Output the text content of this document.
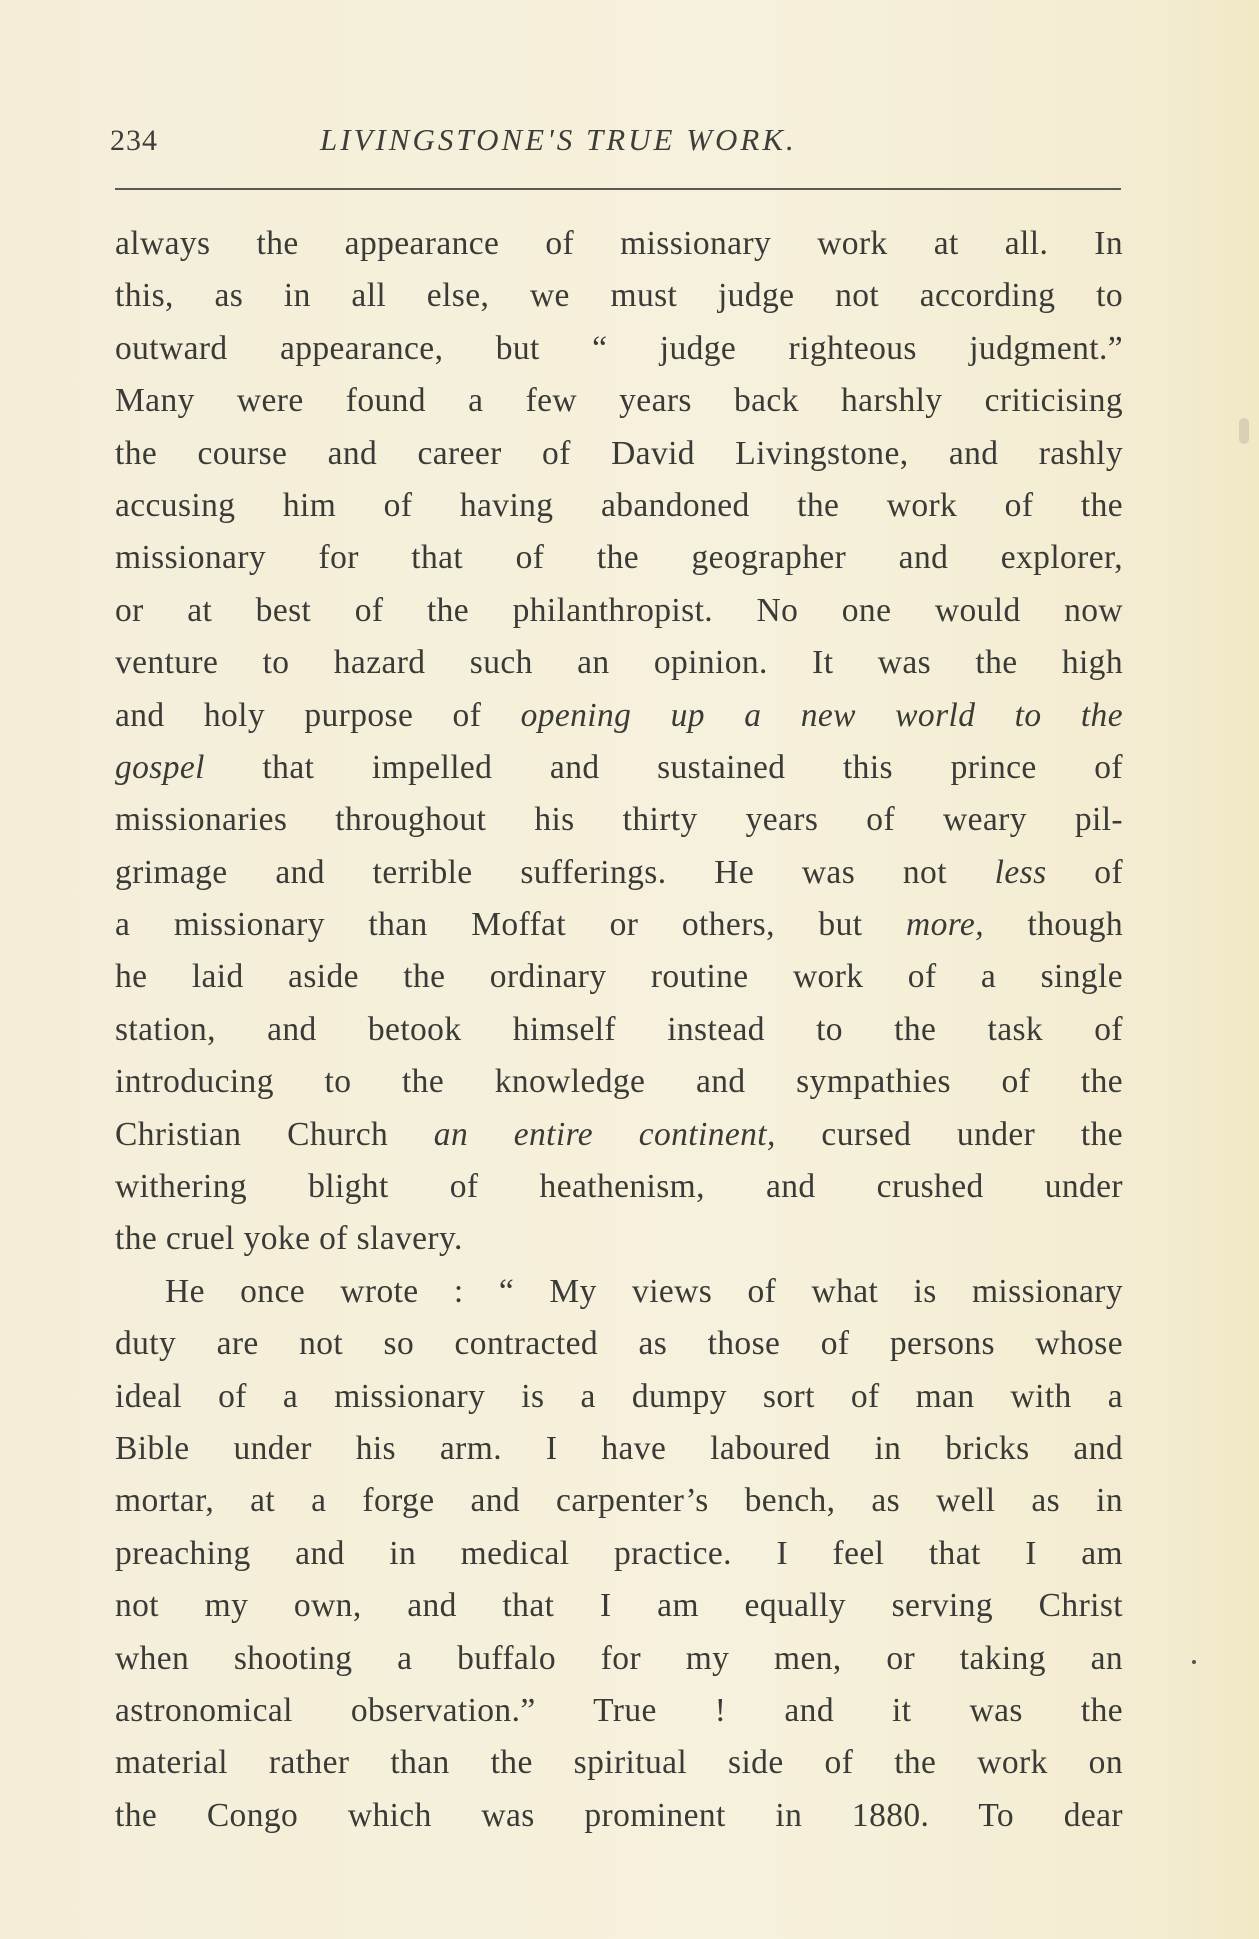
234	LIVINGSTONE'S TRUE WORK.
always the appearance of missionary work at all. In
this, as in all else, we must judge not according to
outward appearance, but “ judge righteous judgment.”
Many were found a few years back harshly criticising
the course and career of David Livingstone, and rashly
accusing him of having abandoned the work of the
missionary for that of the geographer and explorer,
or at best of the philanthropist. No one would now
venture to hazard such an opinion. It was the high
and holy purpose of opening up a new world to the
gospel that impelled and sustained this prince of
missionaries throughout his thirty years of weary pil-
grimage and terrible sufferings. He was not less of
a missionary than Moffat or others, but more, though
he laid aside the ordinary routine work of a single
station, and betook himself instead to the task of
introducing to the knowledge and sympathies of the
Christian Church an entire continent, cursed under the
withering blight of heathenism, and crushed under
the cruel yoke of slavery.
He once wrote : “ My views of what is missionary
duty are not so contracted as those of persons whose
ideal of a missionary is a dumpy sort of man with a
Bible under his arm. I have laboured in bricks and
mortar, at a forge and carpenter’s bench, as well as in
preaching and in medical practice. I feel that I am
not my own, and that I am equally serving Christ
when shooting a buffalo for my men, or taking an
astronomical observation.” True ! and it was the
material rather than the spiritual side of the work on
the Congo which was prominent in 1880. To dear
